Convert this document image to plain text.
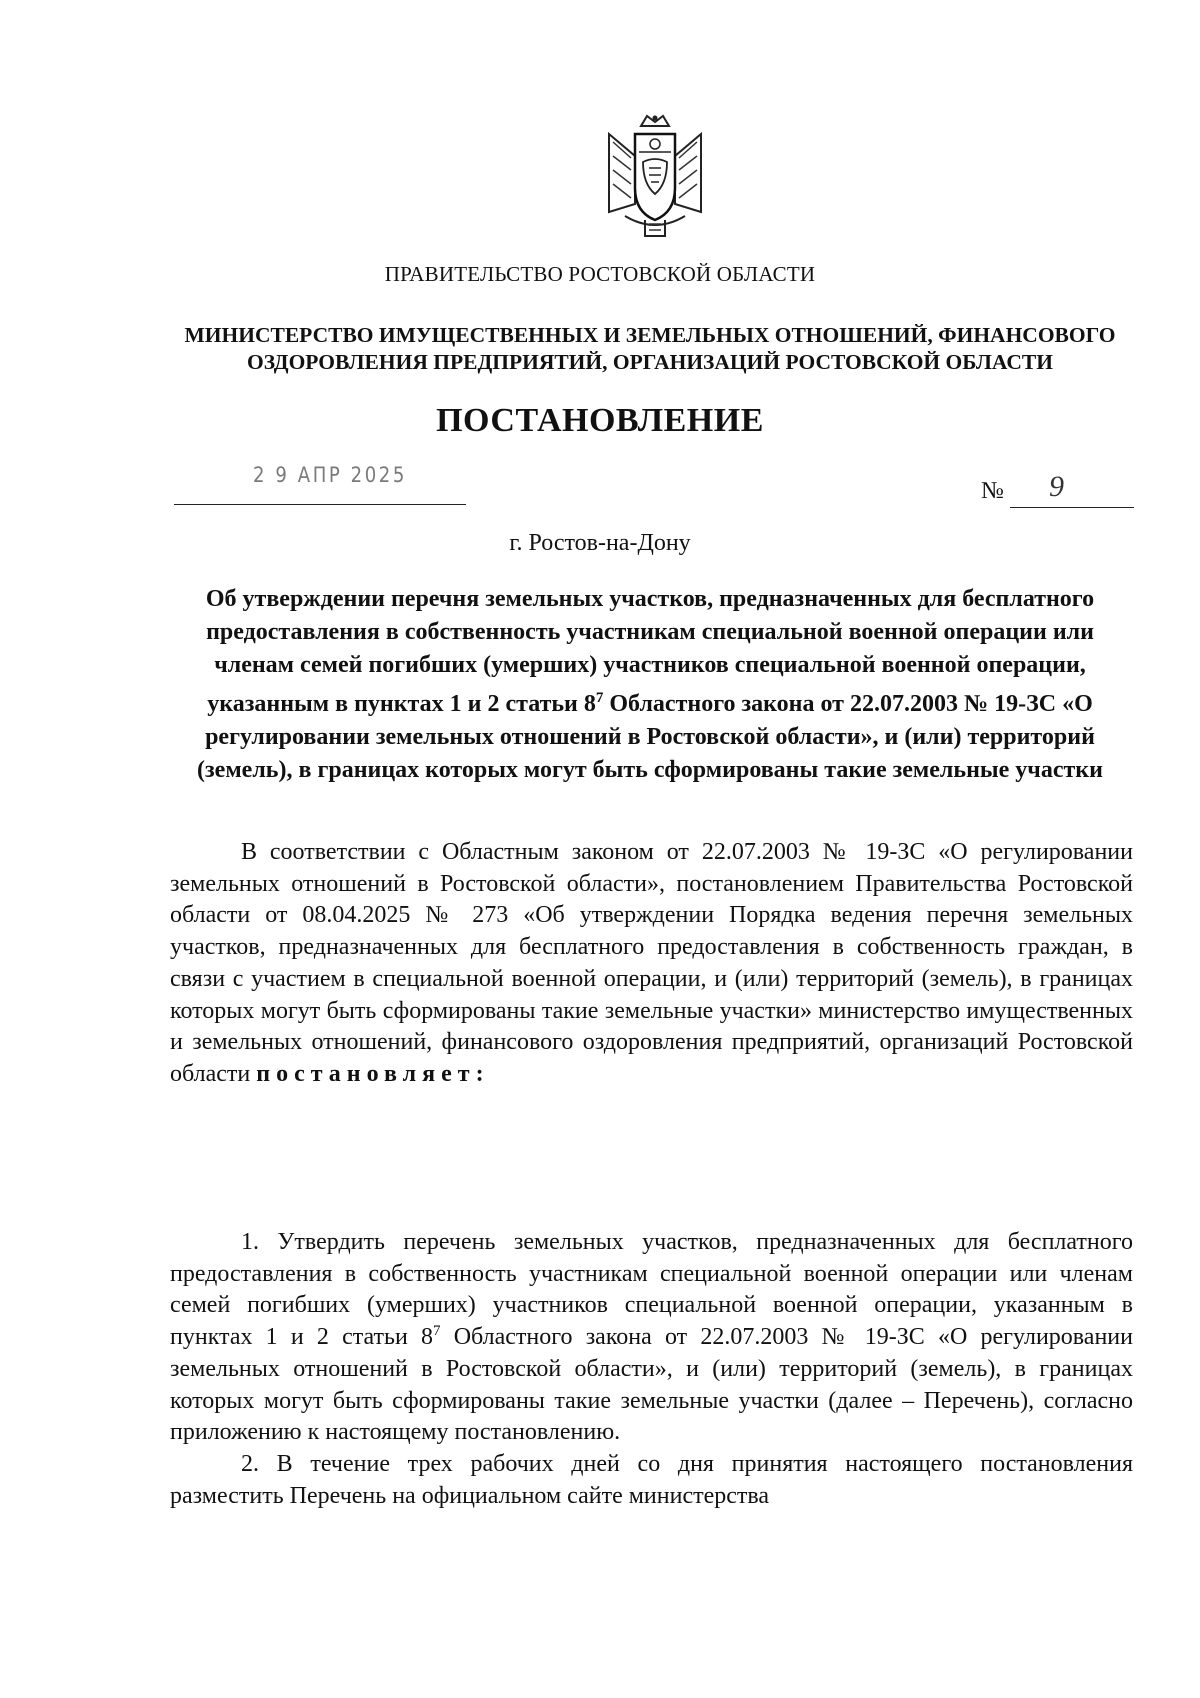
ПРАВИТЕЛЬСТВО РОСТОВСКОЙ ОБЛАСТИ
МИНИСТЕРСТВО ИМУЩЕСТВЕННЫХ И ЗЕМЕЛЬНЫХ ОТНОШЕНИЙ, ФИНАНСОВОГО ОЗДОРОВЛЕНИЯ ПРЕДПРИЯТИЙ, ОРГАНИЗАЦИЙ РОСТОВСКОЙ ОБЛАСТИ
ПОСТАНОВЛЕНИЕ
2 9 АПР 2025
№ 9
г. Ростов-на-Дону
Об утверждении перечня земельных участков, предназначенных для бесплатного предоставления в собственность участникам специальной военной операции или членам семей погибших (умерших) участников специальной военной операции, указанным в пунктах 1 и 2 статьи $8^7$ Областного закона от 22.07.2003 № 19-ЗС «О регулировании земельных отношений в Ростовской области», и (или) территорий (земель), в границах которых могут быть сформированы такие земельные участки

В соответствии с Областным законом от 22.07.2003 № 19-ЗС «О регулировании земельных отношений в Ростовской области», постановлением Правительства Ростовской области от 08.04.2025 № 273 «Об утверждении Порядка ведения перечня земельных участков, предназначенных для бесплатного предоставления в собственность граждан, в связи с участием в специальной военной операции, и (или) территорий (земель), в границах которых могут быть сформированы такие земельные участки» министерство имущественных и земельных отношений, финансового оздоровления предприятий, организаций Ростовской области постановляет:

1. Утвердить перечень земельных участков, предназначенных для бесплатного предоставления в собственность участникам специальной военной операции или членам семей погибших (умерших) участников специальной военной операции, указанным в пунктах 1 и 2 статьи $8^7$ Областного закона от 22.07.2003 № 19-ЗС «О регулировании земельных отношений в Ростовской области», и (или) территорий (земель), в границах которых могут быть сформированы такие земельные участки (далее – Перечень), согласно приложению к настоящему постановлению.

2. В течение трех рабочих дней со дня принятия настоящего постановления разместить Перечень на официальном сайте министерства
